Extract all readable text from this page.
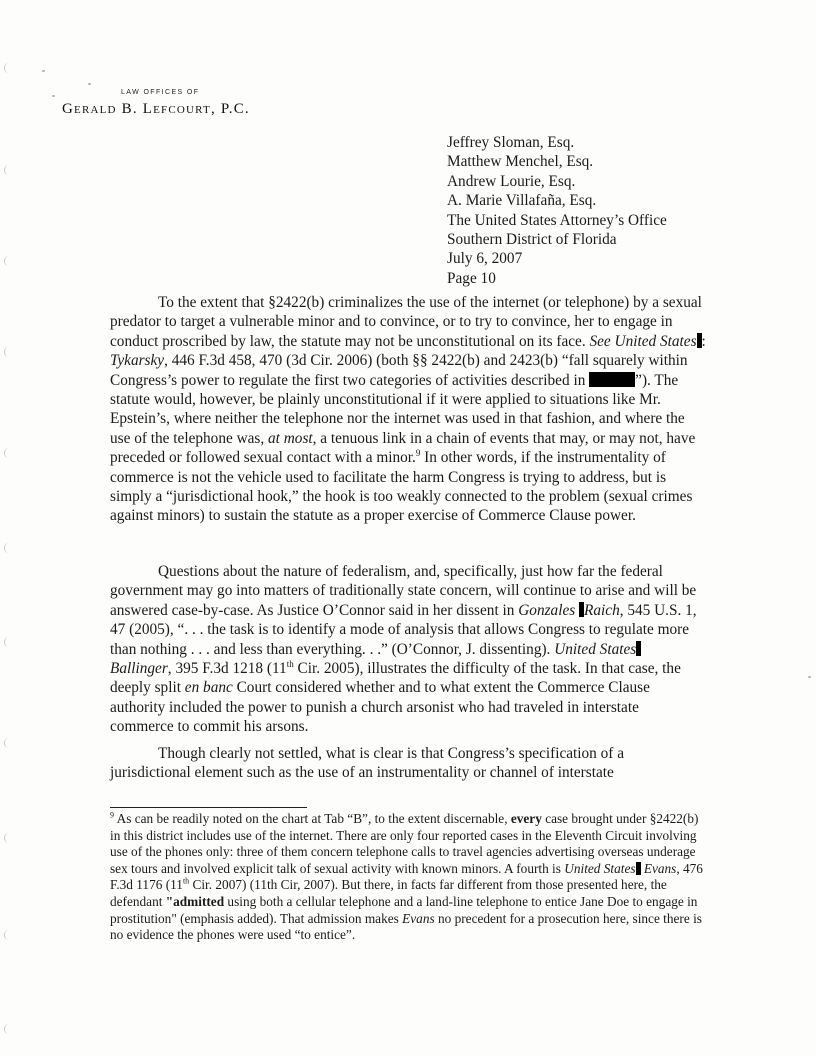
LAW OFFICES OF
Gerald B. Lefcourt, P.C.
Jeffrey Sloman, Esq.
Matthew Menchel, Esq.
Andrew Lourie, Esq.
A. Marie Villafaña, Esq.
The United States Attorney’s Office
Southern District of Florida
July 6, 2007
Page 10

To the extent that §2422(b) criminalizes the use of the internet (or telephone) by a sexual predator to target a vulnerable minor and to convince, or to try to convince, her to engage in conduct proscribed by law, the statute may not be unconstitutional on its face. See United States : Tykarsky, 446 F.3d 458, 470 (3d Cir. 2006) (both §§ 2422(b) and 2423(b) “fall squarely within Congress’s power to regulate the first two categories of activities described in	”). The statute would, however, be plainly unconstitutional if it were applied to situations like Mr. Epstein’s, where neither the telephone nor the internet was used in that fashion, and where the use of the telephone was, at most, a tenuous link in a chain of events that may, or may not, have preceded or followed sexual contact with a minor.$^9$ In other words, if the instrumentality of commerce is not the vehicle used to facilitate the harm Congress is trying to address, but is simply a “jurisdictional hook,” the hook is too weakly connected to the problem (sexual crimes against minors) to sustain the statute as a proper exercise of Commerce Clause power.

Questions about the nature of federalism, and, specifically, just how far the federal government may go into matters of traditionally state concern, will continue to arise and will be answered case-by-case. As Justice O’Connor said in her dissent in Gonzales Raich, 545 U.S. 1, 47 (2005), “. . . the task is to identify a mode of analysis that allows Congress to regulate more than nothing . . . and less than everything. . .” (O’Connor, J. dissenting). United States Ballinger, 395 F.3d 1218 (11th Cir. 2005), illustrates the difficulty of the task. In that case, the deeply split en banc Court considered whether and to what extent the Commerce Clause authority included the power to punish a church arsonist who had traveled in interstate commerce to commit his arsons.

Though clearly not settled, what is clear is that Congress’s specification of a jurisdictional element such as the use of an instrumentality or channel of interstate

$^9$ As can be readily noted on the chart at Tab “B”, to the extent discernable, every case brought under §2422(b) in this district includes use of the internet. There are only four reported cases in the Eleventh Circuit involving use of the phones only: three of them concern telephone calls to travel agencies advertising overseas underage sex tours and involved explicit talk of sexual activity with known minors. A fourth is United States Evans, 476 F.3d 1176 (11th Cir. 2007) (11th Cir, 2007). But there, in facts far different from those presented here, the defendant "admitted using both a cellular telephone and a land-line telephone to entice Jane Doe to engage in prostitution" (emphasis added). That admission makes Evans no precedent for a prosecution here, since there is no evidence the phones were used “to entice”.
